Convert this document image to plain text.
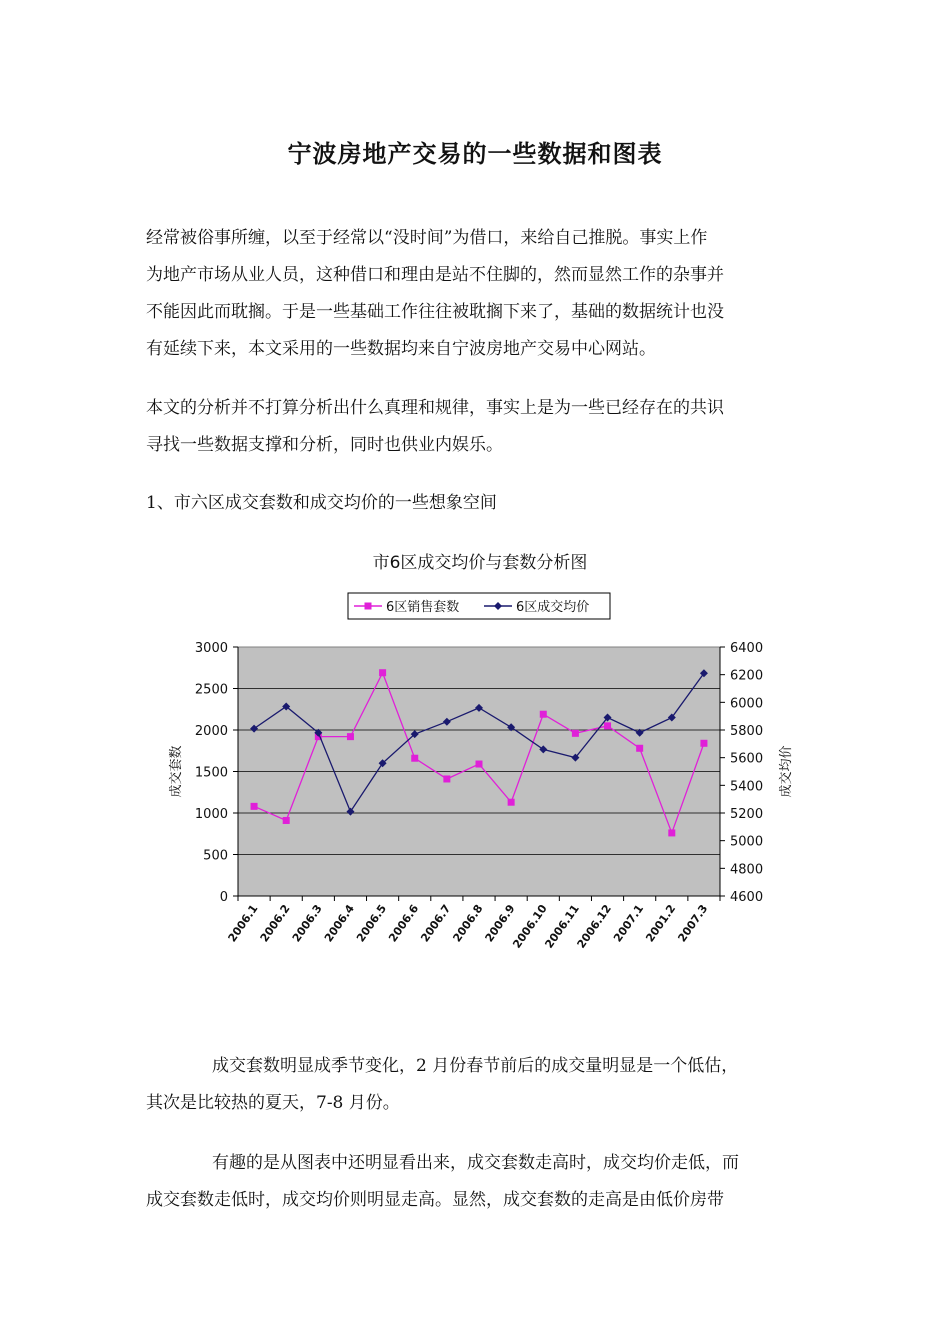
宁波房地产交易的一些数据和图表

经常被俗事所缠，以至于经常以“没时间”为借口，来给自己推脱。事实上作
为地产市场从业人员，这种借口和理由是站不住脚的，然而显然工作的杂事并
不能因此而耽搁。于是一些基础工作往往被耽搁下来了，基础的数据统计也没
有延续下来，本文采用的一些数据均来自宁波房地产交易中心网站。

本文的分析并不打算分析出什么真理和规律，事实上是为一些已经存在的共识
寻找一些数据支撑和分析，同时也供业内娱乐。

1、市六区成交套数和成交均价的一些想象空间

市6区成交均价与套数分析图
6区销售套数	6区成交均价
0
500
1000
1500
2000
2500
3000
4600
4800
5000
5200
5400
5600
5800
6000
6200
6400
2006.1
2006.2
2006.3
2006.4
2006.5
2006.6
2006.7
2006.8
2006.9
2006.10
2006.11
2006.12
2007.1
2001.2
2007.3
成交套数	成交均价

成交套数明显成季节变化，2 月份春节前后的成交量明显是一个低估，
其次是比较热的夏天，7-8 月份。

有趣的是从图表中还明显看出来，成交套数走高时，成交均价走低，而
成交套数走低时，成交均价则明显走高。显然，成交套数的走高是由低价房带
